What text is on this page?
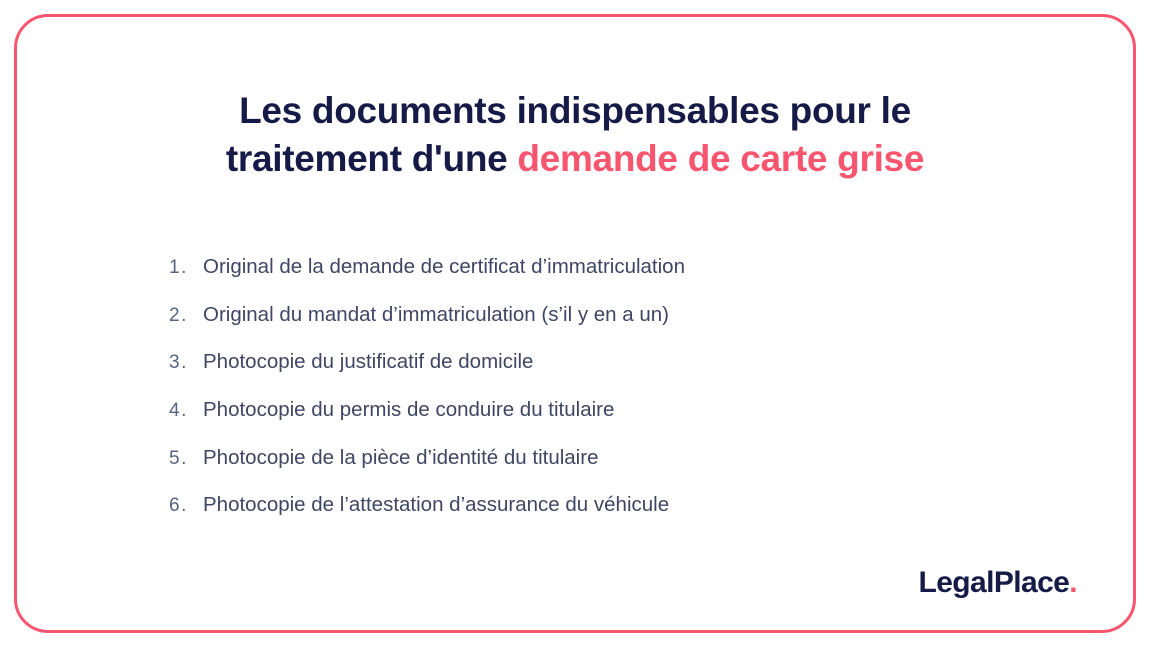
Les documents indispensables pour le
traitement d'une demande de carte grise
1. Original de la demande de certificat d’immatriculation
2. Original du mandat d’immatriculation (s’il y en a un)
3. Photocopie du justificatif de domicile
4. Photocopie du permis de conduire du titulaire
5. Photocopie de la pièce d’identité du titulaire
6. Photocopie de l’attestation d’assurance du véhicule
LegalPlace.
